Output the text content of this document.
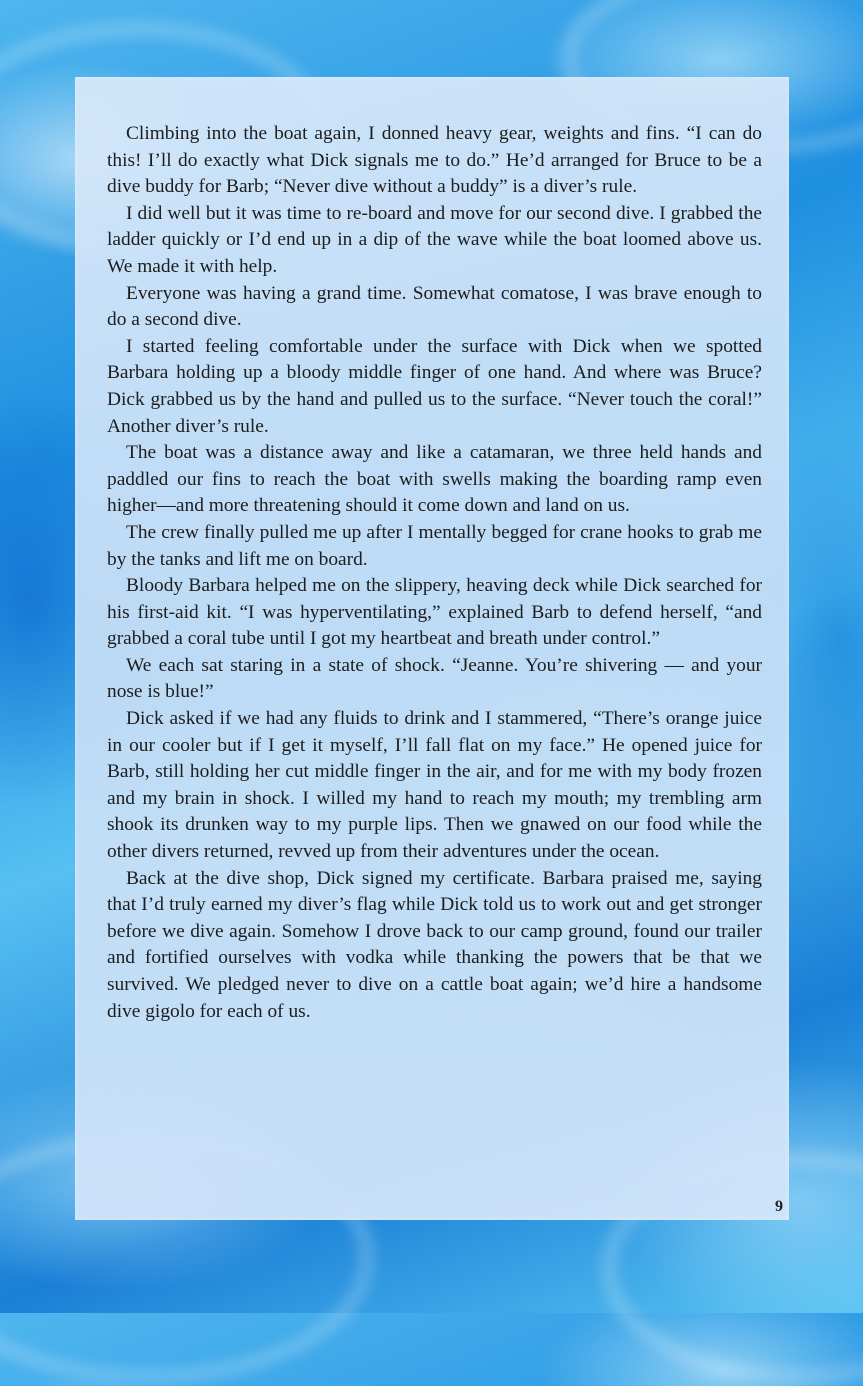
Climbing into the boat again, I donned heavy gear, weights and fins. “I can do this! I’ll do exactly what Dick signals me to do.” He’d arranged for Bruce to be a dive buddy for Barb; “Never dive without a buddy” is a diver’s rule.

I did well but it was time to re-board and move for our second dive. I grabbed the ladder quickly or I’d end up in a dip of the wave while the boat loomed above us. We made it with help.

Everyone was having a grand time. Somewhat comatose, I was brave enough to do a second dive.

I started feeling comfortable under the surface with Dick when we spotted Barbara holding up a bloody middle finger of one hand. And where was Bruce? Dick grabbed us by the hand and pulled us to the surface. “Never touch the coral!” Another diver’s rule.

The boat was a distance away and like a catamaran, we three held hands and paddled our fins to reach the boat with swells making the boarding ramp even higher—and more threatening should it come down and land on us.

The crew finally pulled me up after I mentally begged for crane hooks to grab me by the tanks and lift me on board.

Bloody Barbara helped me on the slippery, heaving deck while Dick searched for his first-aid kit. “I was hyperventilating,” explained Barb to defend herself, “and grabbed a coral tube until I got my heartbeat and breath under control.”

We each sat staring in a state of shock. “Jeanne. You’re shivering — and your nose is blue!”

Dick asked if we had any fluids to drink and I stammered, “There’s orange juice in our cooler but if I get it myself, I’ll fall flat on my face.” He opened juice for Barb, still holding her cut middle finger in the air, and for me with my body frozen and my brain in shock. I willed my hand to reach my mouth; my trembling arm shook its drunken way to my purple lips. Then we gnawed on our food while the other divers returned, revved up from their adventures under the ocean.

Back at the dive shop, Dick signed my certificate. Barbara praised me, saying that I’d truly earned my diver’s flag while Dick told us to work out and get stronger before we dive again. Somehow I drove back to our camp ground, found our trailer and fortified ourselves with vodka while thanking the powers that be that we survived. We pledged never to dive on a cattle boat again; we’d hire a handsome dive gigolo for each of us.

9
